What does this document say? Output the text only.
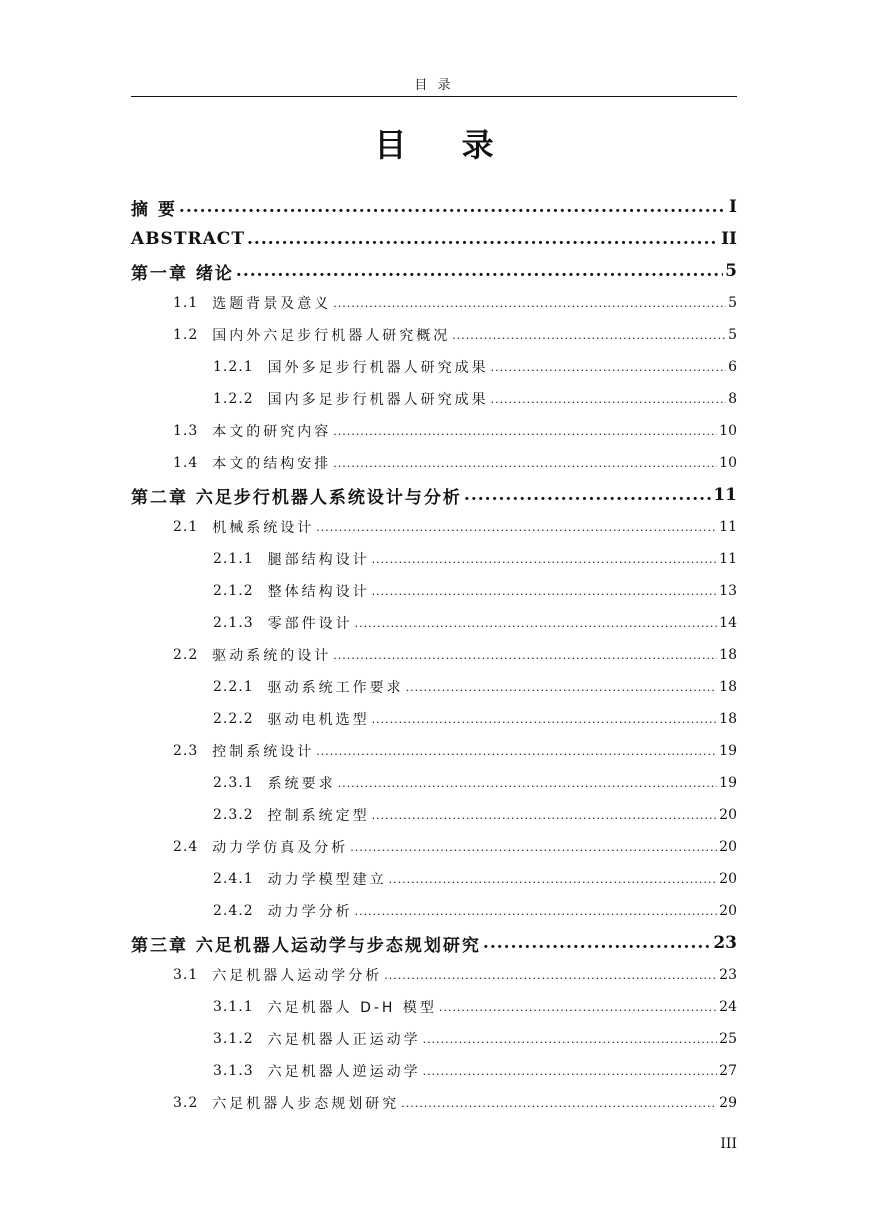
目 录
目 录
摘 要 .....	I
ABSTRACT .....	II
第一章 绪论 .....	5
1.1 选题背景及意义 .....	5
1.2 国内外六足步行机器人研究概况 .....	5
1.2.1 国外多足步行机器人研究成果 .....	6
1.2.2 国内多足步行机器人研究成果 .....	8
1.3 本文的研究内容 .....	10
1.4 本文的结构安排 .....	10
第二章 六足步行机器人系统设计与分析 .....	11
2.1 机械系统设计 .....	11
2.1.1 腿部结构设计 .....	11
2.1.2 整体结构设计 .....	13
2.1.3 零部件设计 .....	14
2.2 驱动系统的设计 .....	18
2.2.1 驱动系统工作要求 .....	18
2.2.2 驱动电机选型 .....	18
2.3 控制系统设计 .....	19
2.3.1 系统要求 .....	19
2.3.2 控制系统定型 .....	20
2.4 动力学仿真及分析 .....	20
2.4.1 动力学模型建立 .....	20
2.4.2 动力学分析 .....	20
第三章 六足机器人运动学与步态规划研究 .....	23
3.1 六足机器人运动学分析 .....	23
3.1.1 六足机器人 D-H 模型 .....	24
3.1.2 六足机器人正运动学 .....	25
3.1.3 六足机器人逆运动学 .....	27
3.2 六足机器人步态规划研究 .....	29
III
